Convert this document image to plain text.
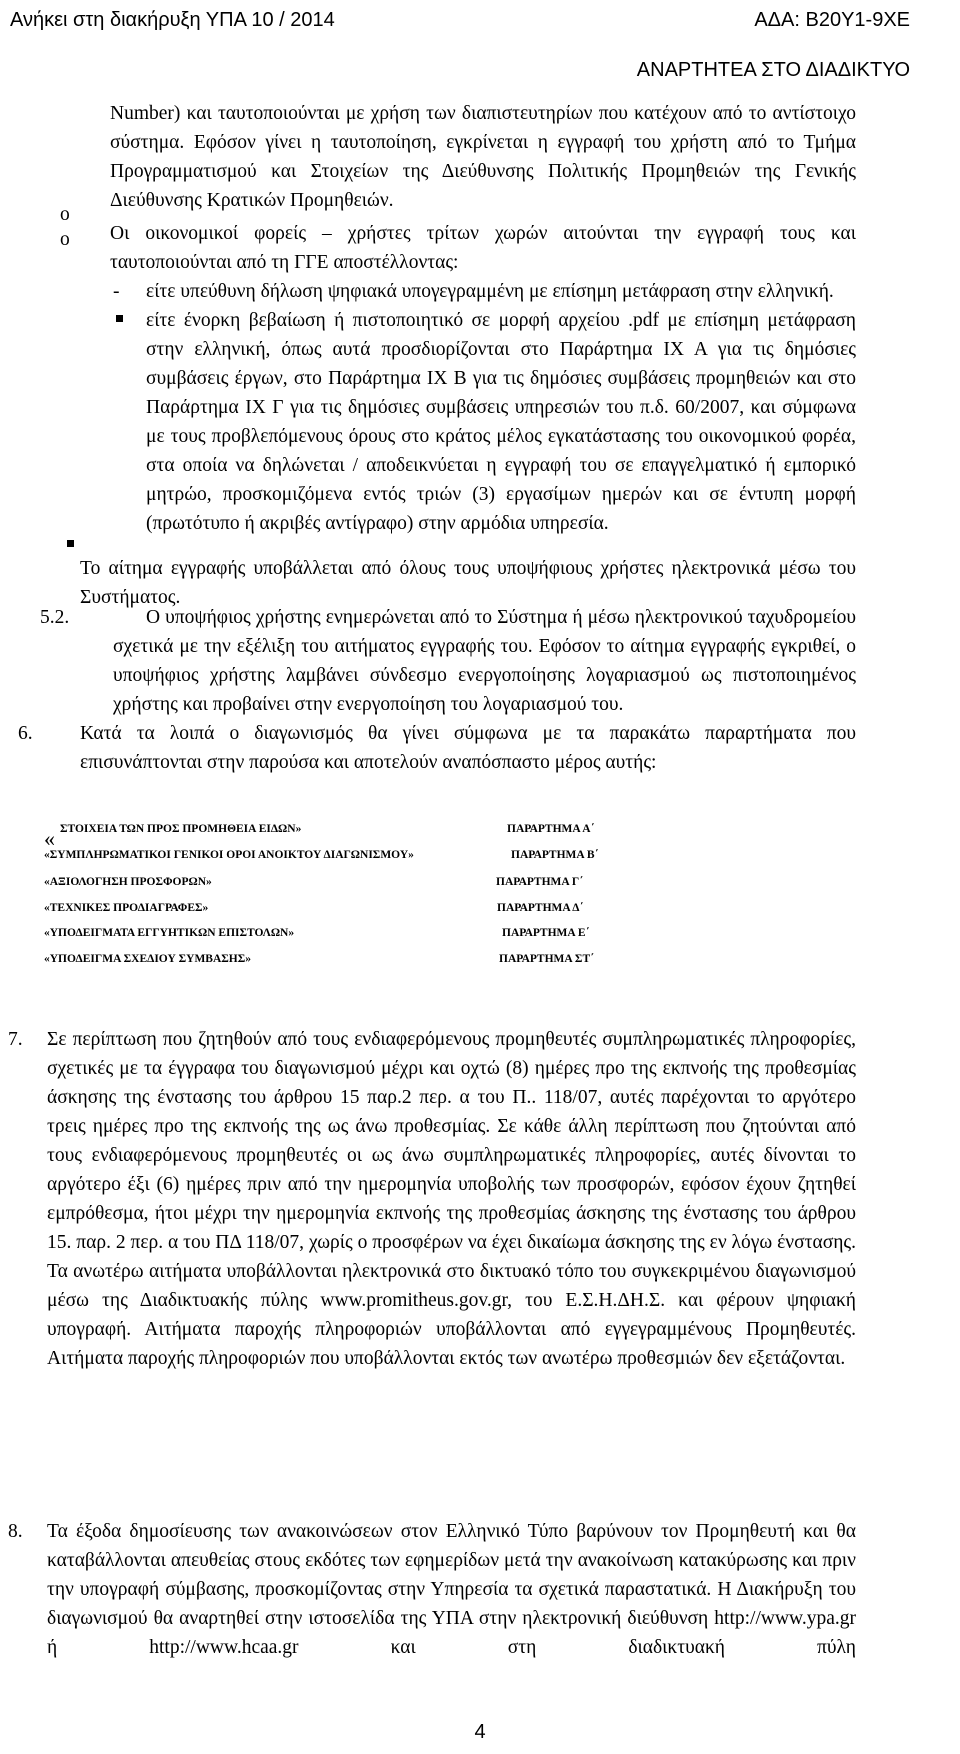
Ανήκει στη διακήρυξη ΥΠΑ 10 / 2014	ΑΔΑ: Β20Υ1-9ΧΕ
ΑΝΑΡΤΗΤΕΑ ΣΤΟ ΔΙΑΔΙΚΤΥΟ
Number) και ταυτοποιούνται με χρήση των διαπιστευτηρίων που κατέχουν από το αντίστοιχο σύστημα. Εφόσον γίνει η ταυτοποίηση, εγκρίνεται η εγγραφή του χρήστη από το Τμήμα Προγραμματισμού και Στοιχείων της Διεύθυνσης Πολιτικής Προμηθειών της Γενικής Διεύθυνσης Κρατικών Προμηθειών.
o
o Οι οικονομικοί φορείς – χρήστες τρίτων χωρών αιτούνται την εγγραφή τους και ταυτοποιούνται από τη ΓΓΕ αποστέλλοντας:
- είτε υπεύθυνη δήλωση ψηφιακά υπογεγραμμένη με επίσημη μετάφραση στην ελληνική.
είτε ένορκη βεβαίωση ή πιστοποιητικό σε μορφή αρχείου .pdf με επίσημη μετάφραση στην ελληνική, όπως αυτά προσδιορίζονται στο Παράρτημα IX A για τις δημόσιες συμβάσεις έργων, στο Παράρτημα IX B για τις δημόσιες συμβάσεις προμηθειών και στο Παράρτημα IX Γ για τις δημόσιες συμβάσεις υπηρεσιών του π.δ. 60/2007, και σύμφωνα με τους προβλεπόμενους όρους στο κράτος μέλος εγκατάστασης του οικονομικού φορέα, στα οποία να δηλώνεται / αποδεικνύεται η εγγραφή του σε επαγγελματικό ή εμπορικό μητρώο, προσκομιζόμενα εντός τριών (3) εργασίμων ημερών και σε έντυπη μορφή (πρωτότυπο ή ακριβές αντίγραφο) στην αρμόδια υπηρεσία.
Το αίτημα εγγραφής υποβάλλεται από όλους τους υποψήφιους χρήστες ηλεκτρονικά μέσω του Συστήματος.
5.2.	Ο υποψήφιος χρήστης ενημερώνεται από το Σύστημα ή μέσω ηλεκτρονικού ταχυδρομείου σχετικά με την εξέλιξη του αιτήματος εγγραφής του. Εφόσον το αίτημα εγγραφής εγκριθεί, ο υποψήφιος χρήστης λαμβάνει σύνδεσμο ενεργοποίησης λογαριασμού ως πιστοποιημένος χρήστης και προβαίνει στην ενεργοποίηση του λογαριασμού του.
6. Κατά τα λοιπά ο διαγωνισμός θα γίνει σύμφωνα με τα παρακάτω παραρτήματα που επισυνάπτονται στην παρούσα και αποτελούν αναπόσπαστο μέρος αυτής:
« ΣΤΟΙΧΕΙΑ ΤΩΝ ΠΡΟΣ ΠΡΟΜΗΘΕΙΑ ΕΙΔΩΝ»	ΠΑΡΑΡΤΗΜΑ Α΄
«ΣΥΜΠΛΗΡΩΜΑΤΙΚΟΙ ΓΕΝΙΚΟΙ ΟΡΟΙ ΑΝΟΙΚΤΟΥ ΔΙΑΓΩΝΙΣΜΟΥ»	ΠΑΡΑΡΤΗΜΑ Β΄
«ΑΞΙΟΛΟΓΗΣΗ ΠΡΟΣΦΟΡΩΝ»	ΠΑΡΑΡΤΗΜΑ Γ΄
«ΤΕΧΝΙΚΕΣ ΠΡΟΔΙΑΓΡΑΦΕΣ»	ΠΑΡΑΡΤΗΜΑ Δ΄
«ΥΠΟΔΕΙΓΜΑΤΑ ΕΓΓΥΗΤΙΚΩΝ ΕΠΙΣΤΟΛΩΝ»	ΠΑΡΑΡΤΗΜΑ Ε΄
«ΥΠΟΔΕΙΓΜΑ ΣΧΕΔΙΟΥ ΣΥΜΒΑΣΗΣ»	ΠΑΡΑΡΤΗΜΑ ΣΤ΄
7. Σε περίπτωση που ζητηθούν από τους ενδιαφερόμενους προμηθευτές συμπληρωματικές πληροφορίες, σχετικές με τα έγγραφα του διαγωνισμού μέχρι και οχτώ (8) ημέρες προ της εκπνοής της προθεσμίας άσκησης της ένστασης του άρθρου 15 παρ.2 περ. α του Π.. 118/07, αυτές παρέχονται το αργότερο τρεις ημέρες προ της εκπνοής της ως άνω προθεσμίας. Σε κάθε άλλη περίπτωση που ζητούνται από τους ενδιαφερόμενους προμηθευτές οι ως άνω συμπληρωματικές πληροφορίες, αυτές δίνονται το αργότερο έξι (6) ημέρες πριν από την ημερομηνία υποβολής των προσφορών, εφόσον έχουν ζητηθεί εμπρόθεσμα, ήτοι μέχρι την ημερομηνία εκπνοής της προθεσμίας άσκησης της ένστασης του άρθρου 15. παρ. 2 περ. α του ΠΔ 118/07, χωρίς ο προσφέρων να έχει δικαίωμα άσκησης της εν λόγω ένστασης. Τα ανωτέρω αιτήματα υποβάλλονται ηλεκτρονικά στο δικτυακό τόπο του συγκεκριμένου διαγωνισμού μέσω της Διαδικτυακής πύλης www.promitheus.gov.gr, του Ε.Σ.Η.ΔΗ.Σ. και φέρουν ψηφιακή υπογραφή. Αιτήματα παροχής πληροφοριών υποβάλλονται από εγγεγραμμένους Προμηθευτές. Αιτήματα παροχής πληροφοριών που υποβάλλονται εκτός των ανωτέρω προθεσμιών δεν εξετάζονται.
8. Τα έξοδα δημοσίευσης των ανακοινώσεων στον Ελληνικό Τύπο βαρύνουν τον Προμηθευτή και θα καταβάλλονται απευθείας στους εκδότες των εφημερίδων μετά την ανακοίνωση κατακύρωσης και πριν την υπογραφή σύμβασης, προσκομίζοντας στην Υπηρεσία τα σχετικά παραστατικά. Η Διακήρυξη του διαγωνισμού θα αναρτηθεί στην ιστοσελίδα της ΥΠΑ στην ηλεκτρονική διεύθυνση http://www.ypa.gr ή http://www.hcaa.gr και στη διαδικτυακή πύλη
4
